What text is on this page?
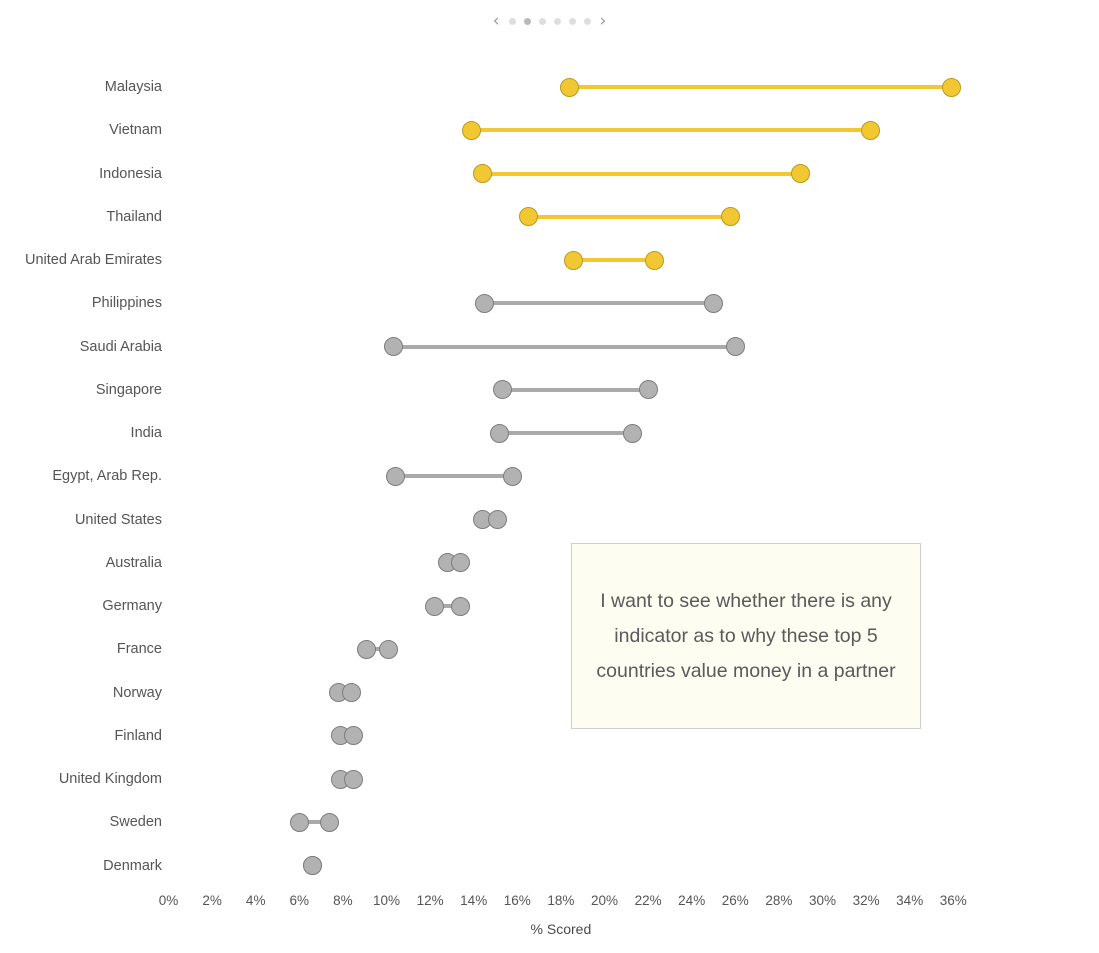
‹	›
Malaysia
Vietnam
Indonesia
Thailand
United Arab Emirates
Philippines
Saudi Arabia
Singapore
India
Egypt, Arab Rep.
United States
Australia
Germany
France
Norway
Finland
United Kingdom
Sweden
Denmark
0% 2% 4% 6% 8% 10% 12% 14% 16% 18% 20% 22% 24% 26% 28% 30% 32% 34% 36%
% Scored
I want to see whether there is any indicator as to why these top 5 countries value money in a partner
